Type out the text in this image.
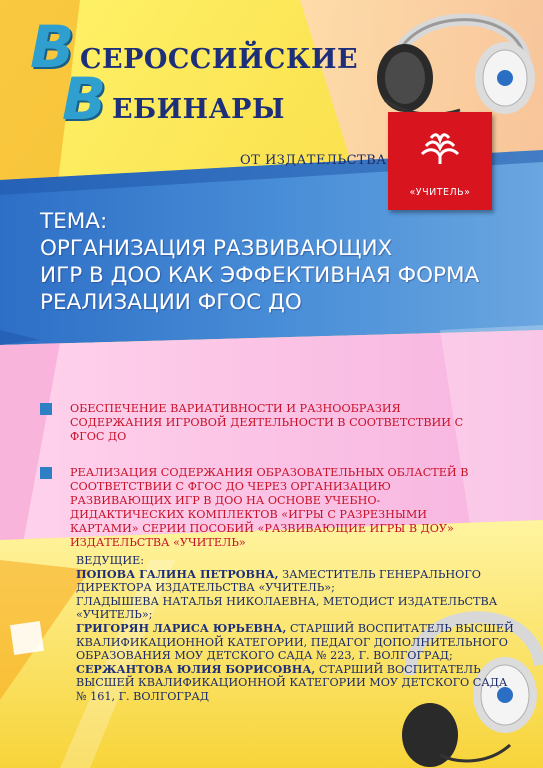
В СЕРОССИЙСКИЕ
В ЕБИНАРЫ
ОТ ИЗДАТЕЛЬСТВА
«УЧИТЕЛЬ»
ТЕМА:
ОРГАНИЗАЦИЯ РАЗВИВАЮЩИХ
ИГР В ДОО КАК ЭФФЕКТИВНАЯ ФОРМА
РЕАЛИЗАЦИИ ФГОС ДО
ОБЕСПЕЧЕНИЕ ВАРИАТИВНОСТИ И РАЗНООБРАЗИЯ СОДЕРЖАНИЯ ИГРОВОЙ ДЕЯТЕЛЬНОСТИ В СООТВЕТСТВИИ С ФГОС ДО
РЕАЛИЗАЦИЯ СОДЕРЖАНИЯ ОБРАЗОВАТЕЛЬНЫХ ОБЛАСТЕЙ В СООТВЕТСТВИИ С ФГОС ДО ЧЕРЕЗ ОРГАНИЗАЦИЮ РАЗВИВАЮЩИХ ИГР В ДОО НА ОСНОВЕ УЧЕБНО-ДИДАКТИЧЕСКИХ КОМПЛЕКТОВ «ИГРЫ С РАЗРЕЗНЫМИ КАРТАМИ» СЕРИИ ПОСОБИЙ «РАЗВИВАЮЩИЕ ИГРЫ В ДОУ» ИЗДАТЕЛЬСТВА «УЧИТЕЛЬ»
ВЕДУЩИЕ:
ПОПОВА ГАЛИНА ПЕТРОВНА, ЗАМЕСТИТЕЛЬ ГЕНЕРАЛЬНОГО ДИРЕКТОРА ИЗДАТЕЛЬСТВА «УЧИТЕЛЬ»;
ГЛАДЫШЕВА НАТАЛЬЯ НИКОЛАЕВНА, МЕТОДИСТ ИЗДАТЕЛЬСТВА «УЧИТЕЛЬ»;
ГРИГОРЯН ЛАРИСА ЮРЬЕВНА, СТАРШИЙ ВОСПИТАТЕЛЬ ВЫСШЕЙ КВАЛИФИКАЦИОННОЙ КАТЕГОРИИ, ПЕДАГОГ ДОПОЛНИТЕЛЬНОГО ОБРАЗОВАНИЯ МОУ ДЕТСКОГО САДА № 223, Г. ВОЛГОГРАД;
СЕРЖАНТОВА ЮЛИЯ БОРИСОВНА, СТАРШИЙ ВОСПИТАТЕЛЬ ВЫСШЕЙ КВАЛИФИКАЦИОННОЙ КАТЕГОРИИ МОУ ДЕТСКОГО САДА № 161, Г. ВОЛГОГРАД
